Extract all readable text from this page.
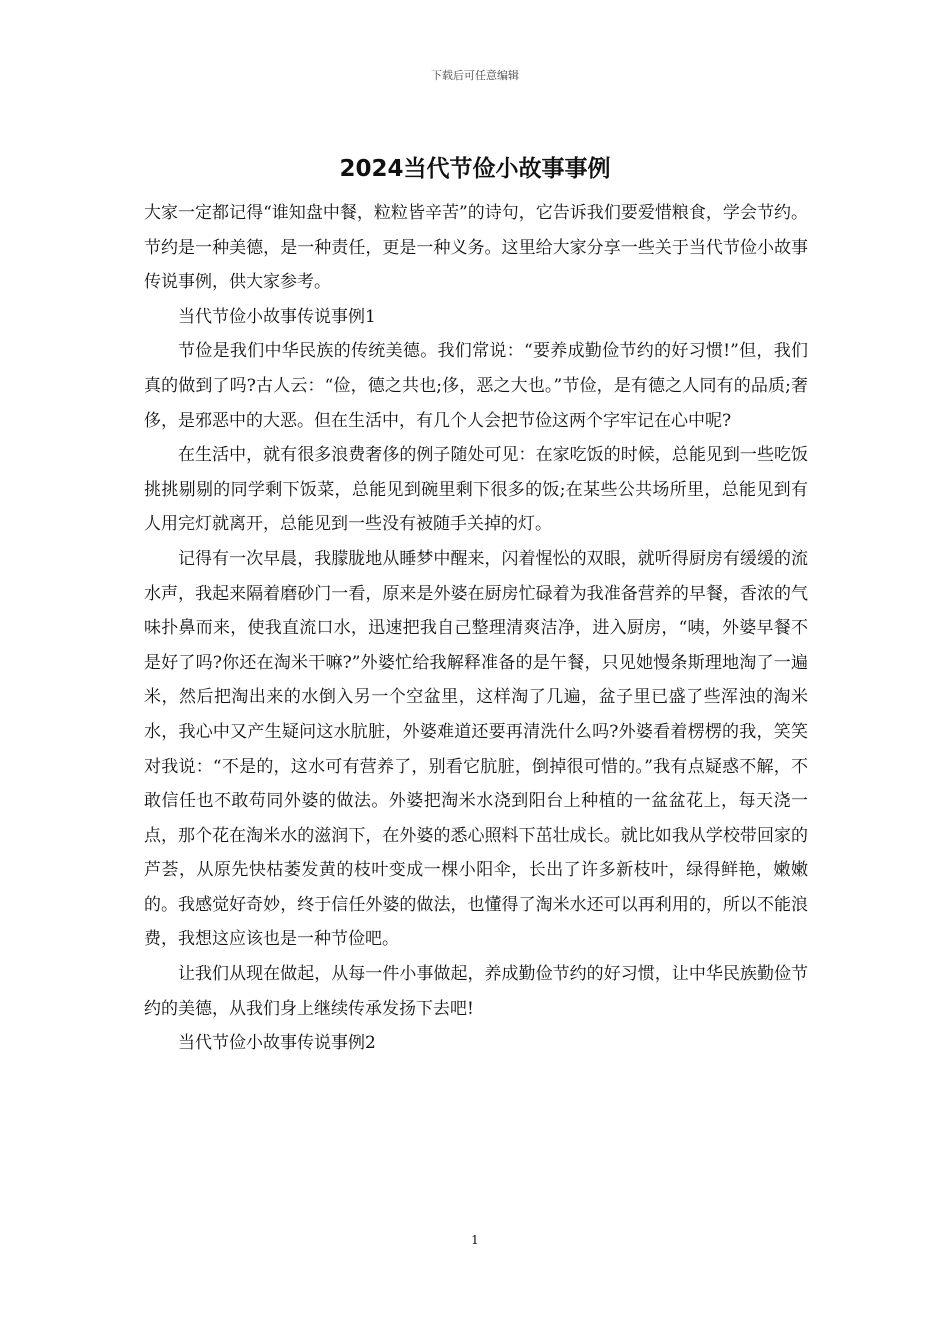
下载后可任意编辑
2024当代节俭小故事事例

大家一定都记得“谁知盘中餐，粒粒皆辛苦”的诗句，它告诉我们要爱惜粮食，学会节约。节约是一种美德，是一种责任，更是一种义务。这里给大家分享一些关于当代节俭小故事传说事例，供大家参考。

当代节俭小故事传说事例1

节俭是我们中华民族的传统美德。我们常说：“要养成勤俭节约的好习惯!”但，我们真的做到了吗?古人云：“俭，德之共也;侈，恶之大也。”节俭，是有德之人同有的品质;奢侈，是邪恶中的大恶。但在生活中，有几个人会把节俭这两个字牢记在心中呢?

在生活中，就有很多浪费奢侈的例子随处可见：在家吃饭的时候，总能见到一些吃饭挑挑剔剔的同学剩下饭菜，总能见到碗里剩下很多的饭;在某些公共场所里，总能见到有人用完灯就离开，总能见到一些没有被随手关掉的灯。

记得有一次早晨，我朦胧地从睡梦中醒来，闪着惺忪的双眼，就听得厨房有缓缓的流水声，我起来隔着磨砂门一看，原来是外婆在厨房忙碌着为我准备营养的早餐，香浓的气味扑鼻而来，使我直流口水，迅速把我自己整理清爽洁净，进入厨房，“咦，外婆早餐不是好了吗?你还在淘米干嘛?”外婆忙给我解释准备的是午餐，只见她慢条斯理地淘了一遍米，然后把淘出来的水倒入另一个空盆里，这样淘了几遍，盆子里已盛了些浑浊的淘米水，我心中又产生疑问这水肮脏，外婆难道还要再清洗什么吗?外婆看着楞楞的我，笑笑对我说：“不是的，这水可有营养了，别看它肮脏，倒掉很可惜的。”我有点疑惑不解，不敢信任也不敢苟同外婆的做法。外婆把淘米水浇到阳台上种植的一盆盆花上，每天浇一点，那个花在淘米水的滋润下，在外婆的悉心照料下茁壮成长。就比如我从学校带回家的芦荟，从原先快枯萎发黄的枝叶变成一棵小阳伞，长出了许多新枝叶，绿得鲜艳，嫩嫩的。我感觉好奇妙，终于信任外婆的做法，也懂得了淘米水还可以再利用的，所以不能浪费，我想这应该也是一种节俭吧。

让我们从现在做起，从每一件小事做起，养成勤俭节约的好习惯，让中华民族勤俭节约的美德，从我们身上继续传承发扬下去吧!

当代节俭小故事传说事例2

1
